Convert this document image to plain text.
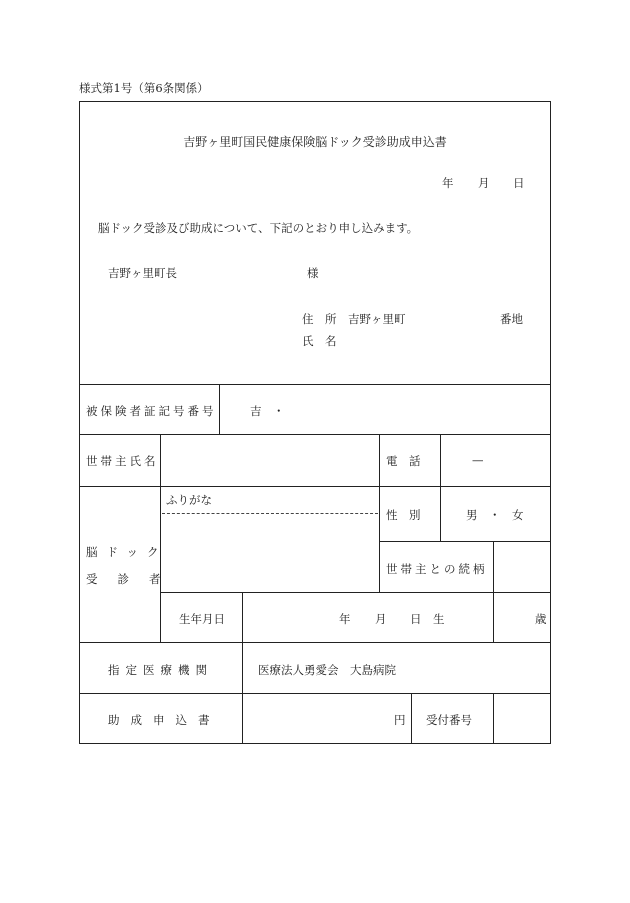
様式第1号（第6条関係）
吉野ヶ里町国民健康保険脳ドック受診助成申込書
年 月 日
脳ドック受診及び助成について、下記のとおり申し込みます。
吉野ヶ里町長	様
住　所 吉野ヶ里町	番地
氏　名
被保険者証記号番号	吉　・
世帯主氏名	電　話	—
ふりがな
脳ドック
受診者
性　別	男　・　女
世帯主との続柄
生年月日	年 月 日 生	歳
指定医療機関	医療法人勇愛会　大島病院
助成申込書	円 受付番号
